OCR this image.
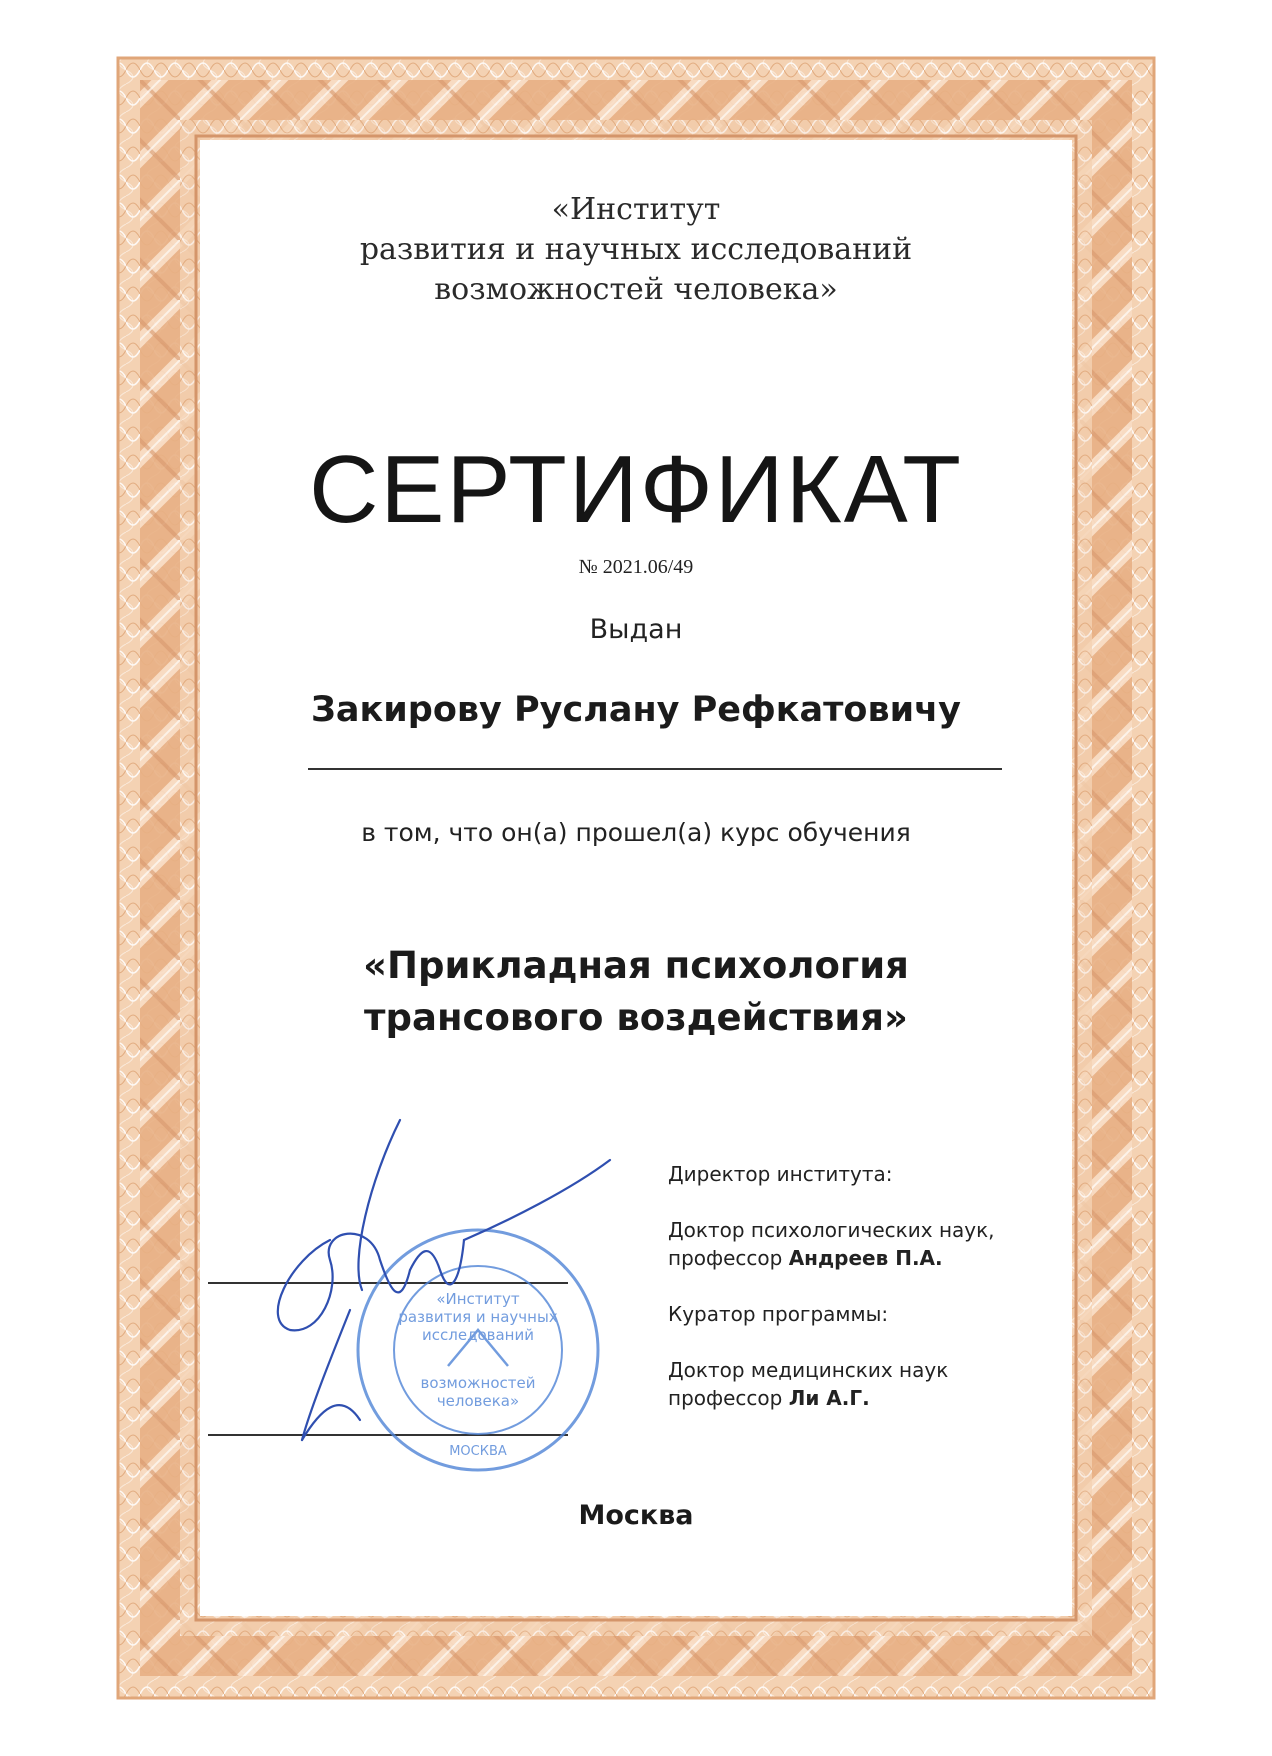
«Институт
развития и научных исследований
возможностей человека»
СЕРТИФИКАТ
№ 2021.06/49
Выдан
Закирову Руслану Рефкатовичу
в том, что он(а) прошел(а) курс обучения
«Прикладная психология
трансового воздействия»
«Институт
развития и научных
исследований
возможностей
человека»
МОСКВА

Директор института:

Доктор психологических наук,
профессор Андреев П.А.

Куратор программы:

Доктор медицинских наук
профессор Ли А.Г.

Москва
